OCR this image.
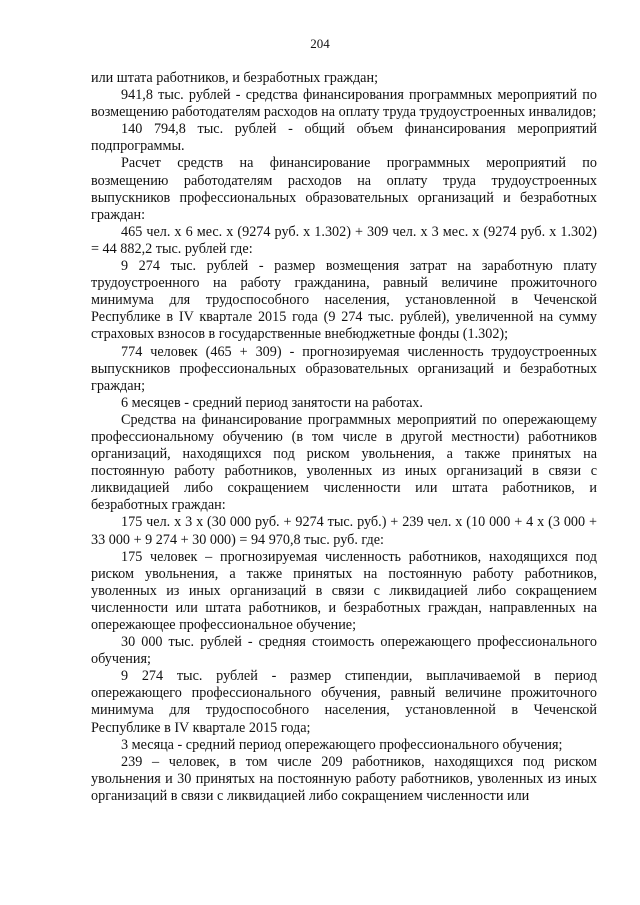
204

или штата работников, и безработных граждан;

941,8 тыс. рублей - средства финансирования программных мероприятий по возмещению работодателям расходов на оплату труда трудоустроенных инвалидов;

140 794,8 тыс. рублей - общий объем финансирования мероприятий подпрограммы.

Расчет средств на финансирование программных мероприятий по возмещению работодателям расходов на оплату труда трудоустроенных выпускников профессиональных образовательных организаций и безработных граждан:

465 чел. х 6 мес. х (9274 руб. х 1.302) + 309 чел. х 3 мес. х (9274 руб. х 1.302) = 44 882,2 тыс. рублей где:

9 274 тыс. рублей - размер возмещения затрат на заработную плату трудоустроенного на работу гражданина, равный величине прожиточного минимума для трудоспособного населения, установленной в Чеченской Республике в IV квартале 2015 года (9 274 тыс. рублей), увеличенной на сумму страховых взносов в государственные внебюджетные фонды (1.302);

774 человек (465 + 309) - прогнозируемая численность трудоустроенных выпускников профессиональных образовательных организаций и безработных граждан;

6 месяцев - средний период занятости на работах.

Средства на финансирование программных мероприятий по опережающему профессиональному обучению (в том числе в другой местности) работников организаций, находящихся под риском увольнения, а также принятых на постоянную работу работников, уволенных из иных организаций в связи с ликвидацией либо сокращением численности или штата работников, и безработных граждан:

175 чел. х 3 х (30 000 руб. + 9274 тыс. руб.) + 239 чел. х (10 000 + 4 х (3 000 + 33 000 + 9 274 + 30 000) = 94 970,8 тыс. руб. где:

175 человек – прогнозируемая численность работников, находящихся под риском увольнения, а также принятых на постоянную работу работников, уволенных из иных организаций в связи с ликвидацией либо сокращением численности или штата работников, и безработных граждан, направленных на опережающее профессиональное обучение;

30 000 тыс. рублей - средняя стоимость опережающего профессионального обучения;

9 274 тыс. рублей - размер стипендии, выплачиваемой в период опережающего профессионального обучения, равный величине прожиточного минимума для трудоспособного населения, установленной в Чеченской Республике в IV квартале 2015 года;

3 месяца - средний период опережающего профессионального обучения;

239 – человек, в том числе 209 работников, находящихся под риском увольнения и 30 принятых на постоянную работу работников, уволенных из иных организаций в связи с ликвидацией либо сокращением численности или
